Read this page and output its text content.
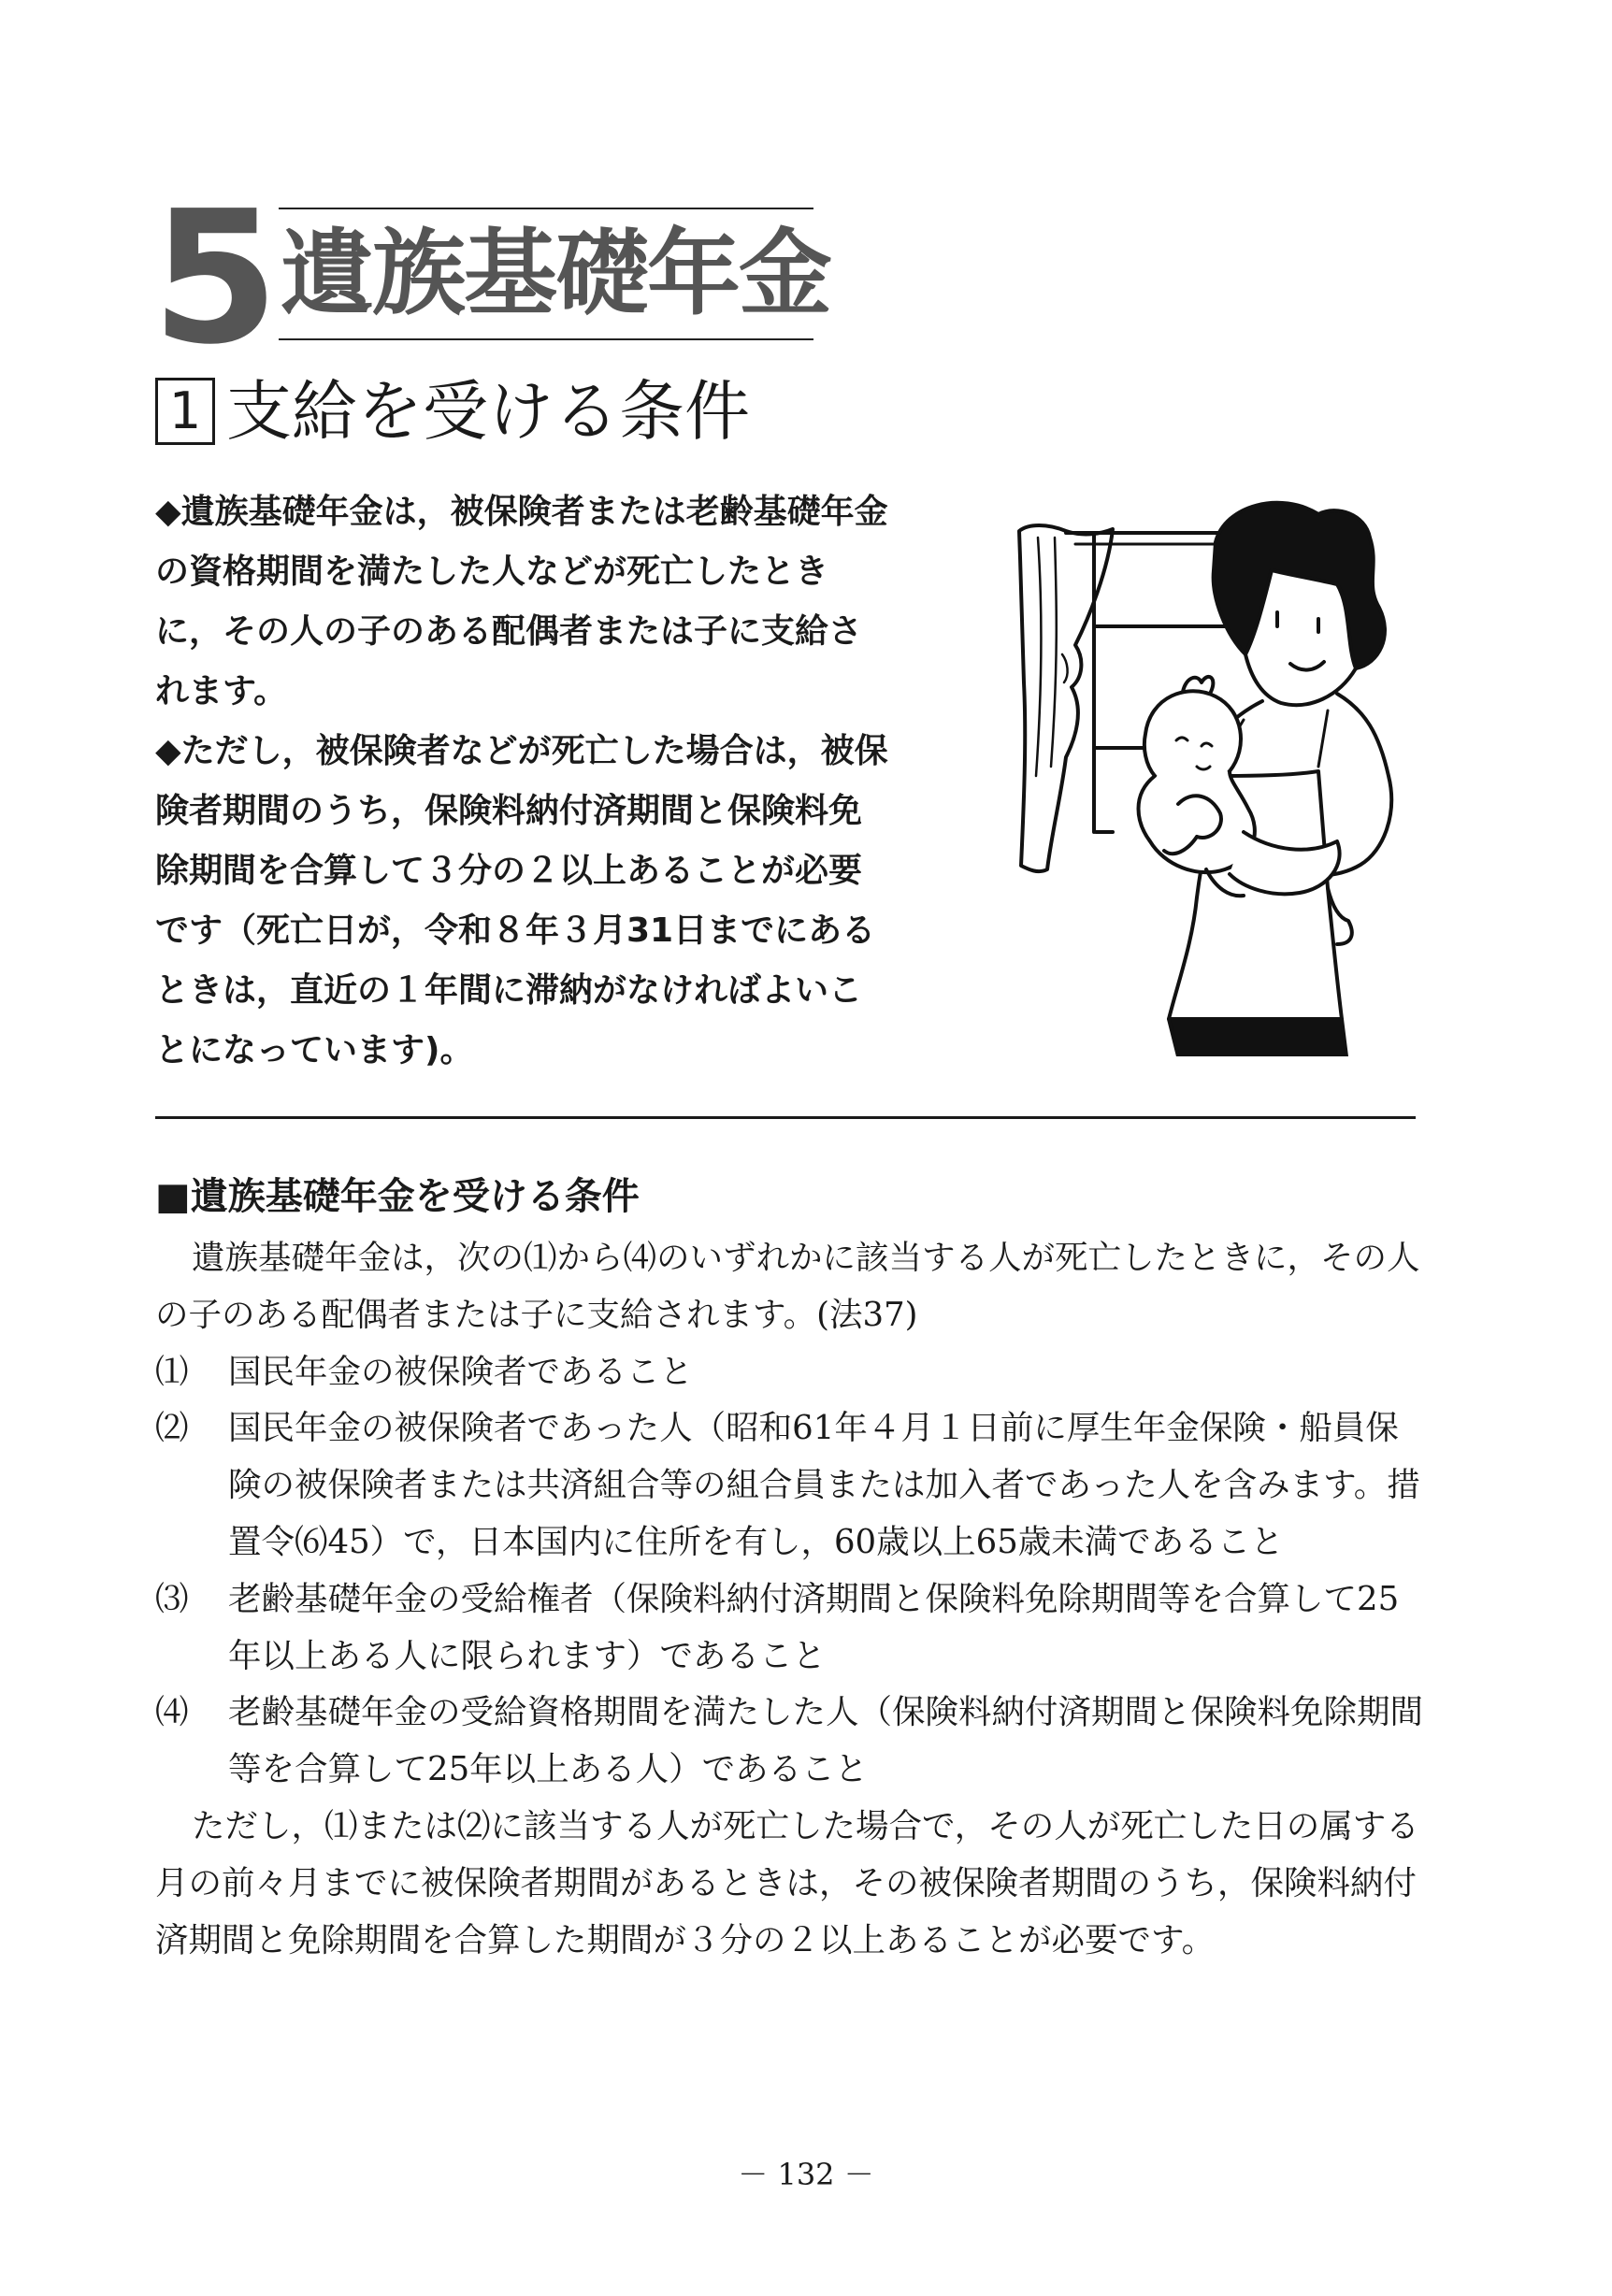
5 遺族基礎年金
1 支給を受ける条件

◆遺族基礎年金は，被保険者または老齢基礎年金の資格期間を満たした人などが死亡したときに，その人の子のある配偶者または子に支給されます。

◆ただし，被保険者などが死亡した場合は，被保険者期間のうち，保険料納付済期間と保険料免除期間を合算して３分の２以上あることが必要です（死亡日が，令和８年３月31日までにあるときは，直近の１年間に滞納がなければよいことになっています)。

■遺族基礎年金を受ける条件

遺族基礎年金は，次の⑴から⑷のいずれかに該当する人が死亡したときに，その人の子のある配偶者または子に支給されます。(法37)

⑴	国民年金の被保険者であること
⑵	国民年金の被保険者であった人（昭和61年４月１日前に厚生年金保険・船員保険の被保険者または共済組合等の組合員または加入者であった人を含みます。措置令⑹45）で，日本国内に住所を有し，60歳以上65歳未満であること
⑶	老齢基礎年金の受給権者（保険料納付済期間と保険料免除期間等を合算して25年以上ある人に限られます）であること
⑷	老齢基礎年金の受給資格期間を満たした人（保険料納付済期間と保険料免除期間等を合算して25年以上ある人）であること

ただし，⑴または⑵に該当する人が死亡した場合で，その人が死亡した日の属する月の前々月までに被保険者期間があるときは，その被保険者期間のうち，保険料納付済期間と免除期間を合算した期間が３分の２以上あることが必要です。

－ 132 －
